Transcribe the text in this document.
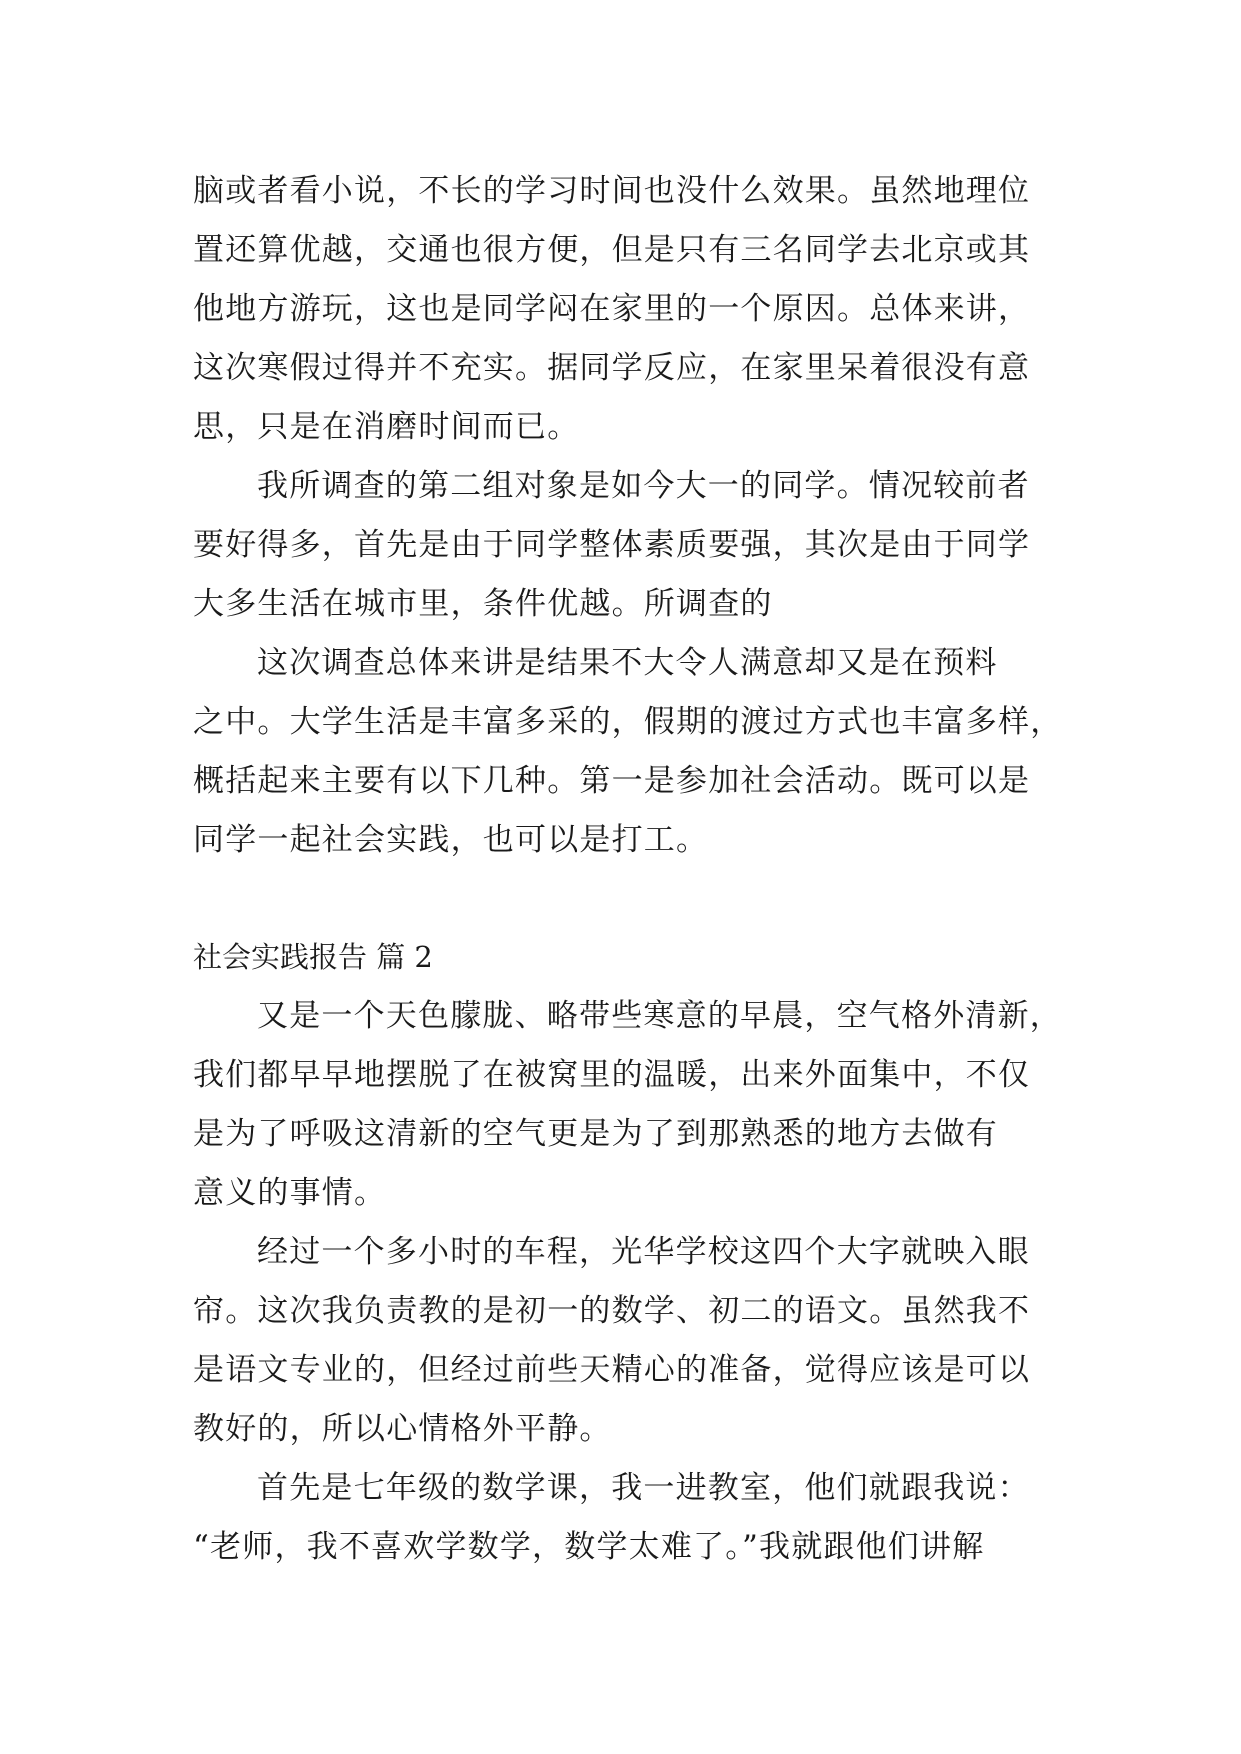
脑或者看小说，不长的学习时间也没什么效果。虽然地理位
置还算优越，交通也很方便，但是只有三名同学去北京或其
他地方游玩，这也是同学闷在家里的一个原因。总体来讲，
这次寒假过得并不充实。据同学反应，在家里呆着很没有意
思，只是在消磨时间而已。
我所调查的第二组对象是如今大一的同学。情况较前者
要好得多，首先是由于同学整体素质要强，其次是由于同学
大多生活在城市里，条件优越。所调查的
这次调查总体来讲是结果不大令人满意却又是在预料
之中。大学生活是丰富多采的，假期的渡过方式也丰富多样，
概括起来主要有以下几种。第一是参加社会活动。既可以是
同学一起社会实践，也可以是打工。
社会实践报告 篇 2
又是一个天色朦胧、略带些寒意的早晨，空气格外清新，
我们都早早地摆脱了在被窝里的温暖，出来外面集中，不仅
是为了呼吸这清新的空气更是为了到那熟悉的地方去做有
意义的事情。
经过一个多小时的车程，光华学校这四个大字就映入眼
帘。这次我负责教的是初一的数学、初二的语文。虽然我不
是语文专业的，但经过前些天精心的准备，觉得应该是可以
教好的，所以心情格外平静。
首先是七年级的数学课，我一进教室，他们就跟我说：
“老师，我不喜欢学数学，数学太难了。”我就跟他们讲解
